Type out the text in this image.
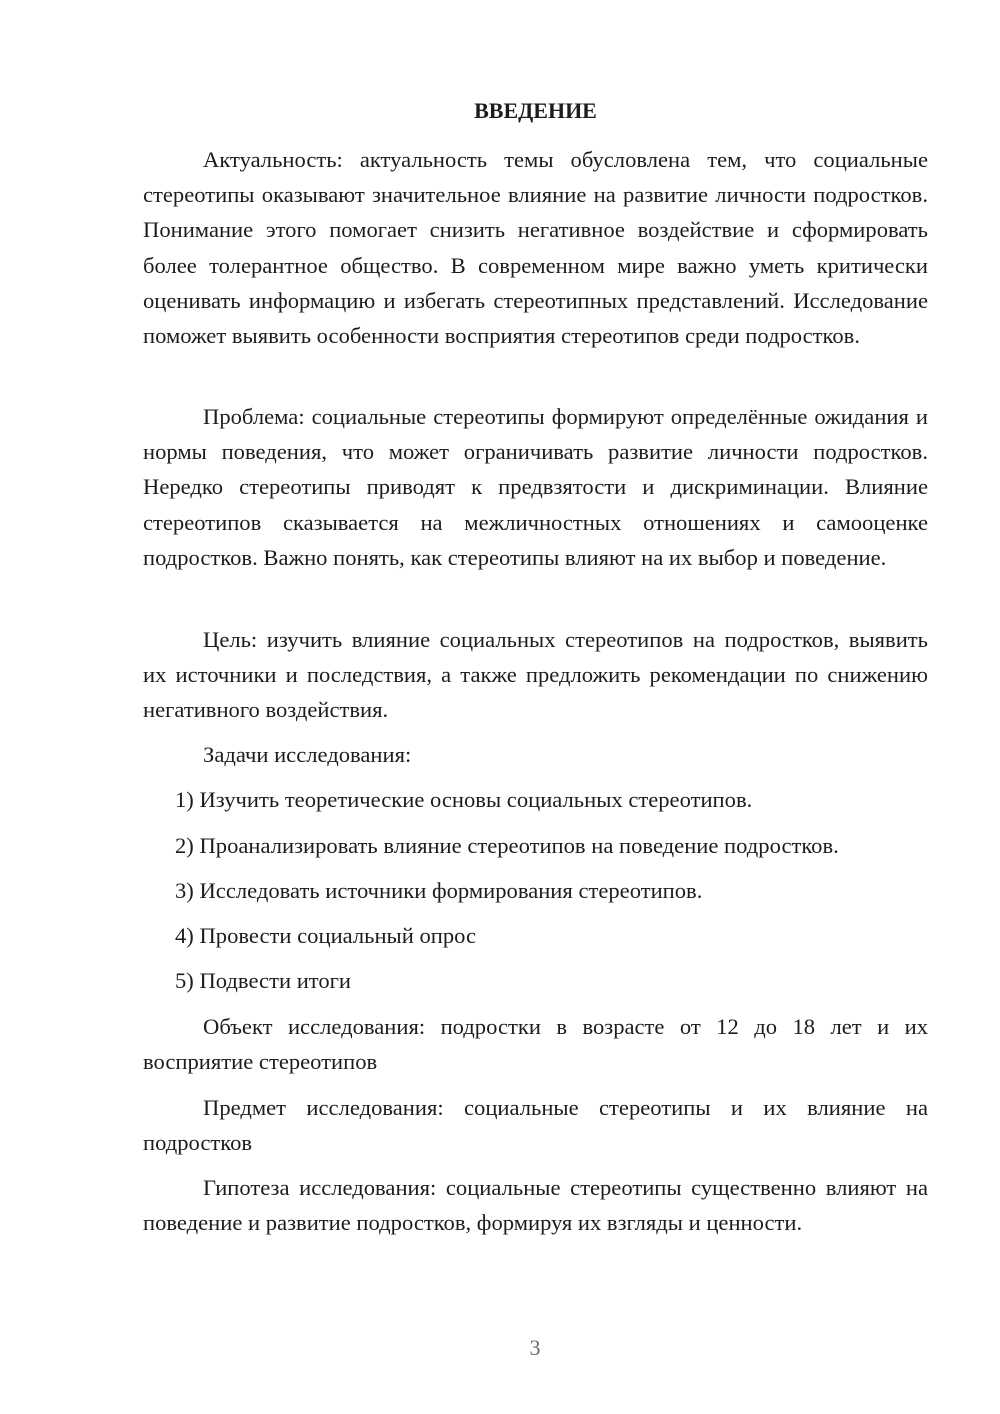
ВВЕДЕНИЕ

Актуальность: актуальность темы обусловлена тем, что социальные стереотипы оказывают значительное влияние на развитие личности подростков. Понимание этого помогает снизить негативное воздействие и сформировать более толерантное общество. В современном мире важно уметь критически оценивать информацию и избегать стереотипных представлений. Исследование поможет выявить особенности восприятия стереотипов среди подростков.

Проблема: социальные стереотипы формируют определённые ожидания и нормы поведения, что может ограничивать развитие личности подростков. Нередко стереотипы приводят к предвзятости и дискриминации. Влияние стереотипов сказывается на межличностных отношениях и самооценке подростков. Важно понять, как стереотипы влияют на их выбор и поведение.

Цель: изучить влияние социальных стереотипов на подростков, выявить их источники и последствия, а также предложить рекомендации по снижению негативного воздействия.

Задачи исследования:

1) Изучить теоретические основы социальных стереотипов.

2) Проанализировать влияние стереотипов на поведение подростков.

3) Исследовать источники формирования стереотипов.

4) Провести социальный опрос

5) Подвести итоги

Объект исследования: подростки в возрасте от 12 до 18 лет и их восприятие стереотипов

Предмет исследования: социальные стереотипы и их влияние на подростков

Гипотеза исследования: социальные стереотипы существенно влияют на поведение и развитие подростков, формируя их взгляды и ценности.

3
